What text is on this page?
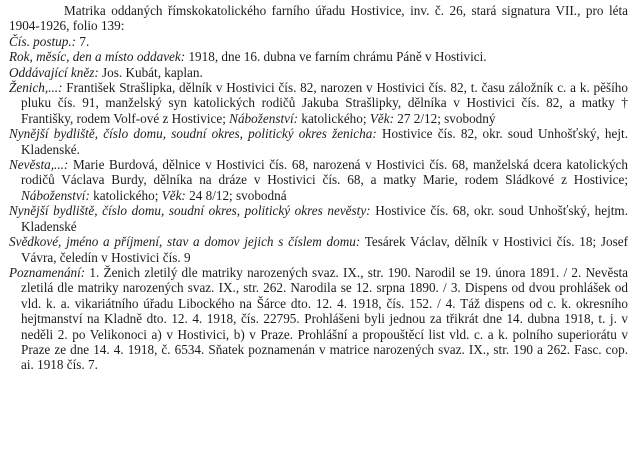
Matrika oddaných římskokatolického farního úřadu Hostivice, inv. č. 26, stará signatura VII., pro léta 1904-1926, folio 139:
Čís. postup.: 7.
Rok, měsíc, den a místo oddavek: 1918, dne 16. dubna ve farním chrámu Páně v Hostivici.
Oddávající kněz: Jos. Kubát, kaplan.
Ženich,...: František Strašlipka, dělník v Hostivici čís. 82, narozen v Hostivici čís. 82, t. času záložník c. a k. pěšího pluku čís. 91, manželský syn katolických rodičů Jakuba Strašlipky, dělníka v Hostivici čís. 82, a matky † Františky, rodem Volf-ové z Hostivice; Náboženství: katolického; Věk: 27 2/12; svobodný
Nynější bydliště, číslo domu, soudní okres, politický okres ženicha: Hostivice čís. 82, okr. soud Unhošťský, hejt. Kladenské.
Nevěsta,...: Marie Burdová, dělnice v Hostivici čís. 68, narozená v Hostivici čís. 68, manželská dcera katolických rodičů Václava Burdy, dělníka na dráze v Hostivici čís. 68, a matky Marie, rodem Sládkové z Hostivice; Náboženství: katolického; Věk: 24 8/12; svobodná
Nynější bydliště, číslo domu, soudní okres, politický okres nevěsty: Hostivice čís. 68, okr. soud Unhošťský, hejtm. Kladenské
Svědkové, jméno a příjmení, stav a domov jejich s číslem domu: Tesárek Václav, dělník v Hostivici čís. 18; Josef Vávra, čeledín v Hostivici čís. 9
Poznamenání: 1. Ženich zletilý dle matriky narozených svaz. IX., str. 190. Narodil se 19. února 1891. / 2. Nevěsta zletilá dle matriky narozených svaz. IX., str. 262. Narodila se 12. srpna 1890. / 3. Dispens od dvou prohlášek od vld. k. a. vikariátního úřadu Libockého na Šárce dto. 12. 4. 1918, čís. 152. / 4. Táž dispens od c. k. okresního hejtmanství na Kladně dto. 12. 4. 1918, čís. 22795. Prohlášeni byli jednou za třikrát dne 14. dubna 1918, t. j. v neděli 2. po Velikonoci a) v Hostivici, b) v Praze. Prohlášní a propouštěcí list vld. c. a k. polního superiorátu v Praze ze dne 14. 4. 1918, č. 6534. Sňatek poznamenán v matrice narozených svaz. IX., str. 190 a 262. Fasc. cop. ai. 1918 čís. 7.
